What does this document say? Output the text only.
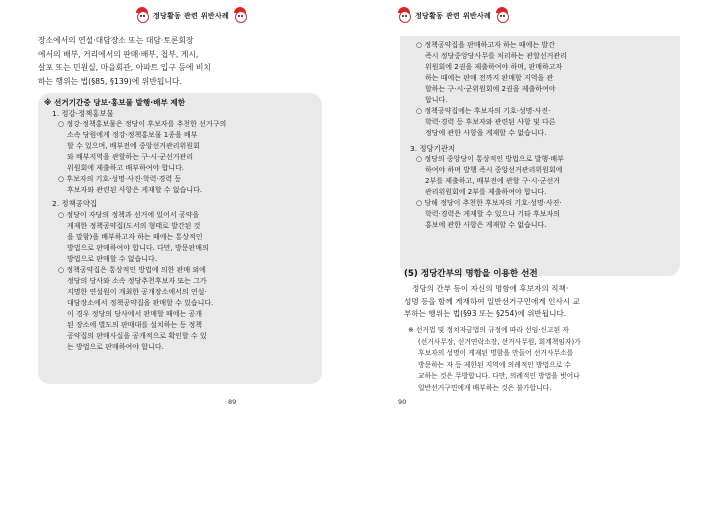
정당활동 관련 위반사례
장소에서의 연설·대담장소 또는 대담·토론회장
에서의 배부, 거리에서의 판매·배부, 첩부, 게시,
살포 또는 민원실, 마을회관, 아파트 입구 등에 비치
하는 행위는 법(§85, §139)에 위반됩니다.
※ 선거기간중 당보·홍보물 발행·배부 제한
1. 정강·정책홍보물
○ 정강·정책홍보물은 정당이 후보자를 추천한 선거구의
소속 당원에게 정강·정책홍보물 1종을 배부
할 수 있으며, 배부전에 중앙선거관리위원회
와 배부지역을 관할하는 구·시·군선거관리
위원회에 제출하고 배부하여야 합니다.
○ 후보자의 기호·성명·사진·학력·경력 등
후보자와 관련된 사항은 게재할 수 없습니다.
2. 정책공약집
○ 정당이 자당의 정책과 선거에 있어서 공약을
게재한 정책공약집(도서의 형태로 발간된 것
을 말함)을 배부하고자 하는 때에는 통상적인
방법으로 판매하여야 합니다. 다만, 방문판매의
방법으로 판매할 수 없습니다.
○ 정책공약집은 통상적인 방법에 의한 판매 외에
정당의 당사와 소속 정당추천후보자 또는 그가
지명한 연설원이 개최한 공개장소에서의 연설·
대담장소에서 정책공약집을 판매할 수 있습니다.
이 경우 정당의 당사에서 판매할 때에는 공개
된 장소에 별도의 판매대를 설치하는 등 정책
공약집의 판매사실을 공개적으로 확인할 수 있
는 방법으로 판매하여야 합니다.
89
정당활동 관련 위반사례
○ 정책공약집을 판매하고자 하는 때에는 발간
즉시 정당중앙당사무를 처리하는 관할선거관리
위원회에 2권을 제출하여야 하며, 판매하고자
하는 때에는 판매 전까지 판매할 지역을 관
할하는 구·시·군위원회에 2권을 제출하여야
합니다.
○ 정책공약집에는 후보자의 기호·성명·사진·
학력·경력 등 후보자와 관련된 사항 및 다른
정당에 관한 사항을 게재할 수 없습니다.
3. 정당기관지
○ 정당의 중앙당이 통상적인 방법으로 발행·배부
하여야 하며 발행 즉시 중앙선거관리위원회에
2부를 제출하고, 배부전에 관할 구·시·군선거
관리위원회에 2부를 제출하여야 합니다.
○ 당해 정당이 추천한 후보자의 기호·성명·사진·
학력·경력은 게재할 수 있으나 기타 후보자의
홍보에 관한 사항은 게재할 수 없습니다.
(5) 정당간부의 명함을 이용한 선전
정당의 간부 등이 자신의 명함에 후보자의 직책·
성명 등을 함께 게재하여 일반선거구민에게 인사시 교
부하는 행위는 법(§93 또는 §254)에 위반됩니다.
※ 선거법 및 정치자금법의 규정에 따라 선임·신고된 자
(선거사무장, 선거연락소장, 선거사무원, 회계책임자)가
후보자의 성명이 게재된 명함을 만들어 선거사무소를
방문하는 자 등 제한된 지역에 의례적인 방법으로 수
교하는 것은 무방합니다. 다만, 의례적인 방법을 벗어나
일반선거구민에게 배부하는 것은 불가합니다.
90
